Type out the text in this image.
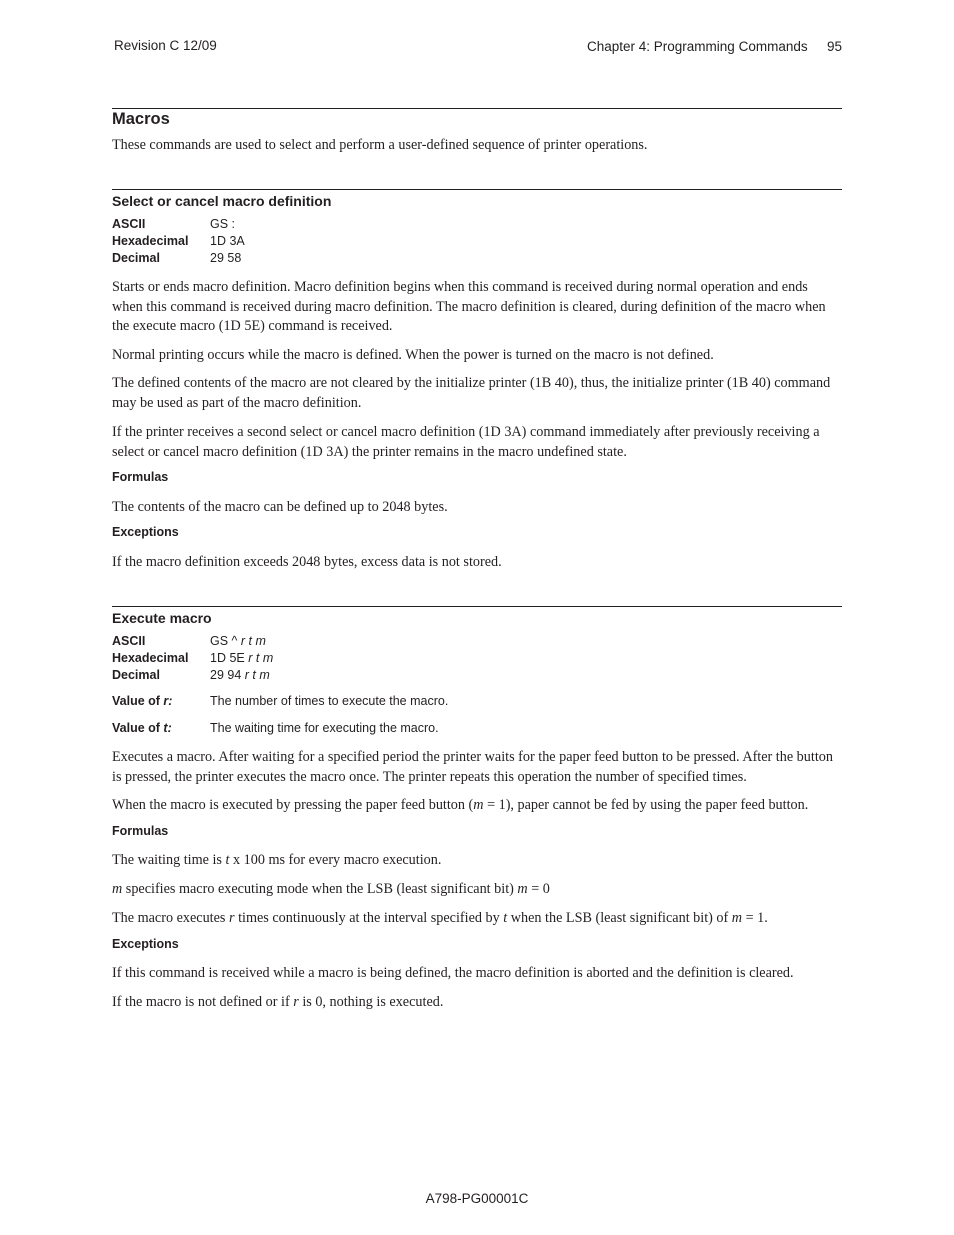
Revision C 12/09	Chapter 4: Programming Commands 95
Macros
These commands are used to select and perform a user-defined sequence of printer operations.
Select or cancel macro definition
ASCII	GS :
Hexadecimal 1D 3A
Decimal	29 58
Starts or ends macro definition. Macro definition begins when this command is received during normal operation and ends when this command is received during macro definition. The macro definition is cleared, during definition of the macro when the execute macro (1D 5E) command is received.
Normal printing occurs while the macro is defined. When the power is turned on the macro is not defined.
The defined contents of the macro are not cleared by the initialize printer (1B 40), thus, the initialize printer (1B 40) command may be used as part of the macro definition.
If the printer receives a second select or cancel macro definition (1D 3A) command immediately after previously receiving a select or cancel macro definition (1D 3A) the printer remains in the macro undefined state.
Formulas
The contents of the macro can be defined up to 2048 bytes.
Exceptions
If the macro definition exceeds 2048 bytes, excess data is not stored.
Execute macro
ASCII	GS ^ r t m
Hexadecimal 1D 5E r t m
Decimal	29 94 r t m
Value of r:	The number of times to execute the macro.
Value of t:	The waiting time for executing the macro.
Executes a macro. After waiting for a specified period the printer waits for the paper feed button to be pressed. After the button is pressed, the printer executes the macro once. The printer repeats this operation the number of specified times.
When the macro is executed by pressing the paper feed button (m = 1), paper cannot be fed by using the paper feed button.
Formulas
The waiting time is t x 100 ms for every macro execution.
m specifies macro executing mode when the LSB (least significant bit) m = 0
The macro executes r times continuously at the interval specified by t when the LSB (least significant bit) of m = 1.
Exceptions
If this command is received while a macro is being defined, the macro definition is aborted and the definition is cleared.
If the macro is not defined or if r is 0, nothing is executed.
A798-PG00001C
